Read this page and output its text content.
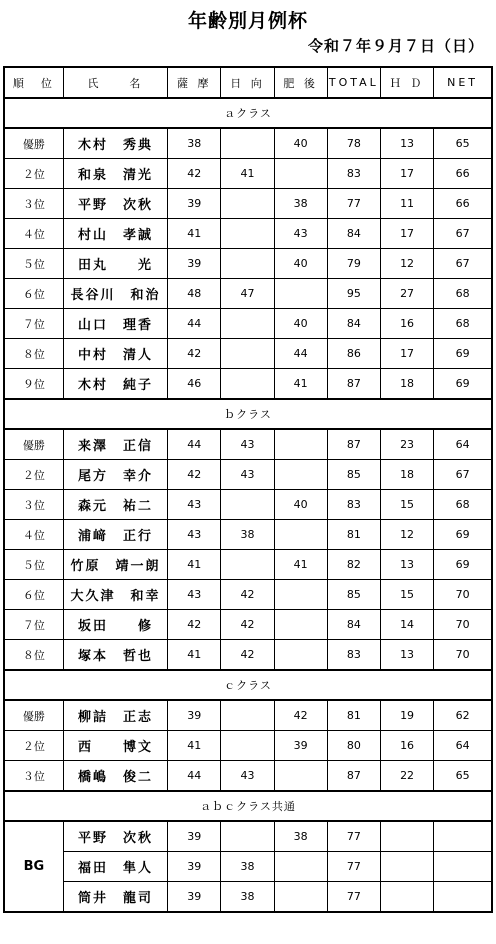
年齢別月例杯
令和７年９月７日（日）
順　位	氏　　名	薩 摩	日 向	肥 後	TOTAL	Ｈ Ｄ	NET
ａクラス							
優勝	木村　秀典	38		40	78	13	65
２位	和泉　清光	42	41		83	17	66
３位	平野　次秋	39		38	77	11	66
４位	村山　孝誠	41		43	84	17	67
５位	田丸　　光	39		40	79	12	67
６位	長谷川　和治	48	47		95	27	68
７位	山口　理香	44		40	84	16	68
８位	中村　清人	42		44	86	17	69
９位	木村　純子	46		41	87	18	69
ｂクラス							
優勝	来澤　正信	44	43		87	23	64
２位	尾方　幸介	42	43		85	18	67
３位	森元　祐二	43		40	83	15	68
４位	浦﨑　正行	43	38		81	12	69
５位	竹原　靖一朗	41		41	82	13	69
６位	大久津　和幸	43	42		85	15	70
７位	坂田　　修	42	42		84	14	70
８位	塚本　哲也	41	42		83	13	70
ｃクラス							
優勝	柳詰　正志	39		42	81	19	62
２位	西　　博文	41		39	80	16	64
３位	橋嶋　俊二	44	43		87	22	65
ａｂｃクラス共通							
BG	平野　次秋	39		38	77		
	福田　隼人	39	38		77		
	筒井　龍司	39	38		77		
